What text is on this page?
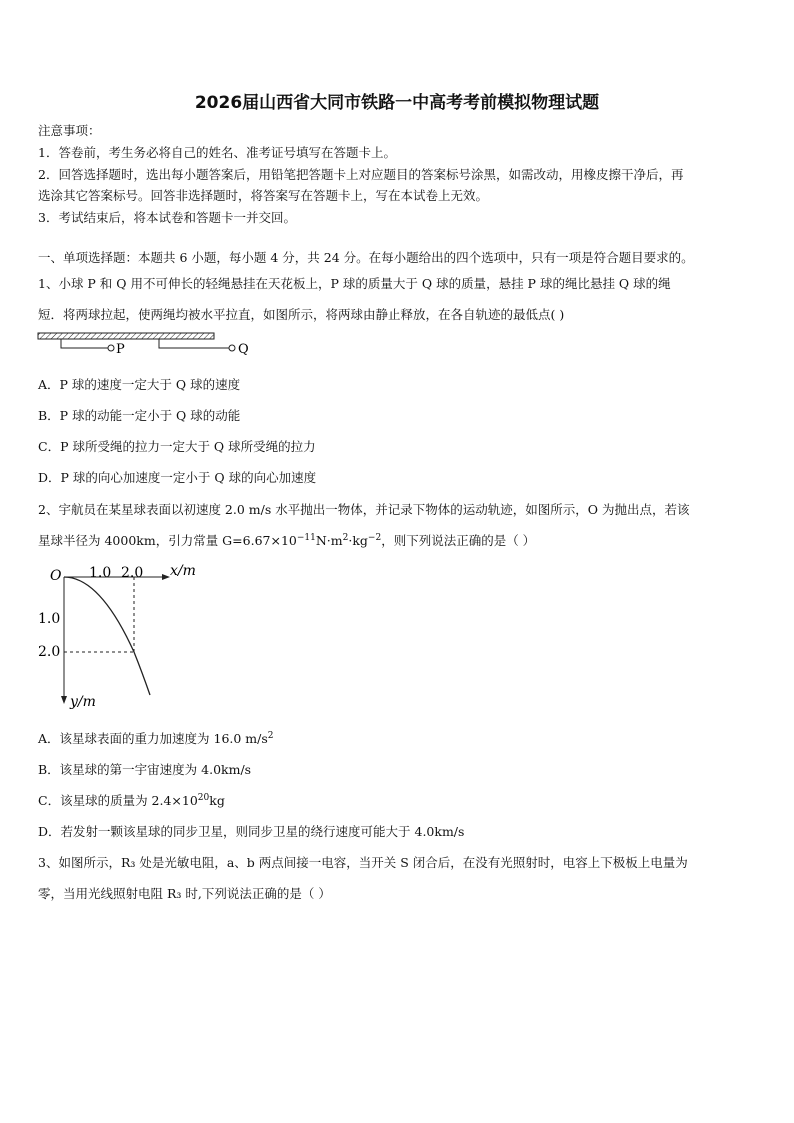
2026届山西省大同市铁路一中高考考前模拟物理试题
注意事项：
1．答卷前，考生务必将自己的姓名、准考证号填写在答题卡上。
2．回答选择题时，选出每小题答案后，用铅笔把答题卡上对应题目的答案标号涂黑，如需改动，用橡皮擦干净后，再
选涂其它答案标号。回答非选择题时，将答案写在答题卡上，写在本试卷上无效。
3．考试结束后，将本试卷和答题卡一并交回。
一、单项选择题：本题共 6 小题，每小题 4 分，共 24 分。在每小题给出的四个选项中，只有一项是符合题目要求的。
1、小球 P 和 Q 用不可伸长的轻绳悬挂在天花板上，P 球的质量大于 Q 球的质量，悬挂 P 球的绳比悬挂 Q 球的绳
短．将两球拉起，使两绳均被水平拉直，如图所示，将两球由静止释放，在各自轨迹的最低点( )
P	Q
A．P 球的速度一定大于 Q 球的速度
B．P 球的动能一定小于 Q 球的动能
C．P 球所受绳的拉力一定大于 Q 球所受绳的拉力
D．P 球的向心加速度一定小于 Q 球的向心加速度
2、宇航员在某星球表面以初速度 2.0 m/s 水平抛出一物体，并记录下物体的运动轨迹，如图所示，O 为抛出点，若该
星球半径为 4000km，引力常量 $G=6.67\times 10^{-11}N\cdot m^2\cdot kg^{-2}$，则下列说法正确的是（ ）
O 1.0 2.0 x/m
1.0
2.0
y/m
A．该星球表面的重力加速度为 16.0 $m/s^2$
B．该星球的第一宇宙速度为 4.0km/s
C．该星球的质量为 $2.4\times 10^{20}kg$
D．若发射一颗该星球的同步卫星，则同步卫星的绕行速度可能大于 4.0km/s
3、如图所示，R₃ 处是光敏电阻，a、b 两点间接一电容，当开关 S 闭合后，在没有光照射时，电容上下极板上电量为
零，当用光线照射电阻 R₃ 时,下列说法正确的是（ ）
